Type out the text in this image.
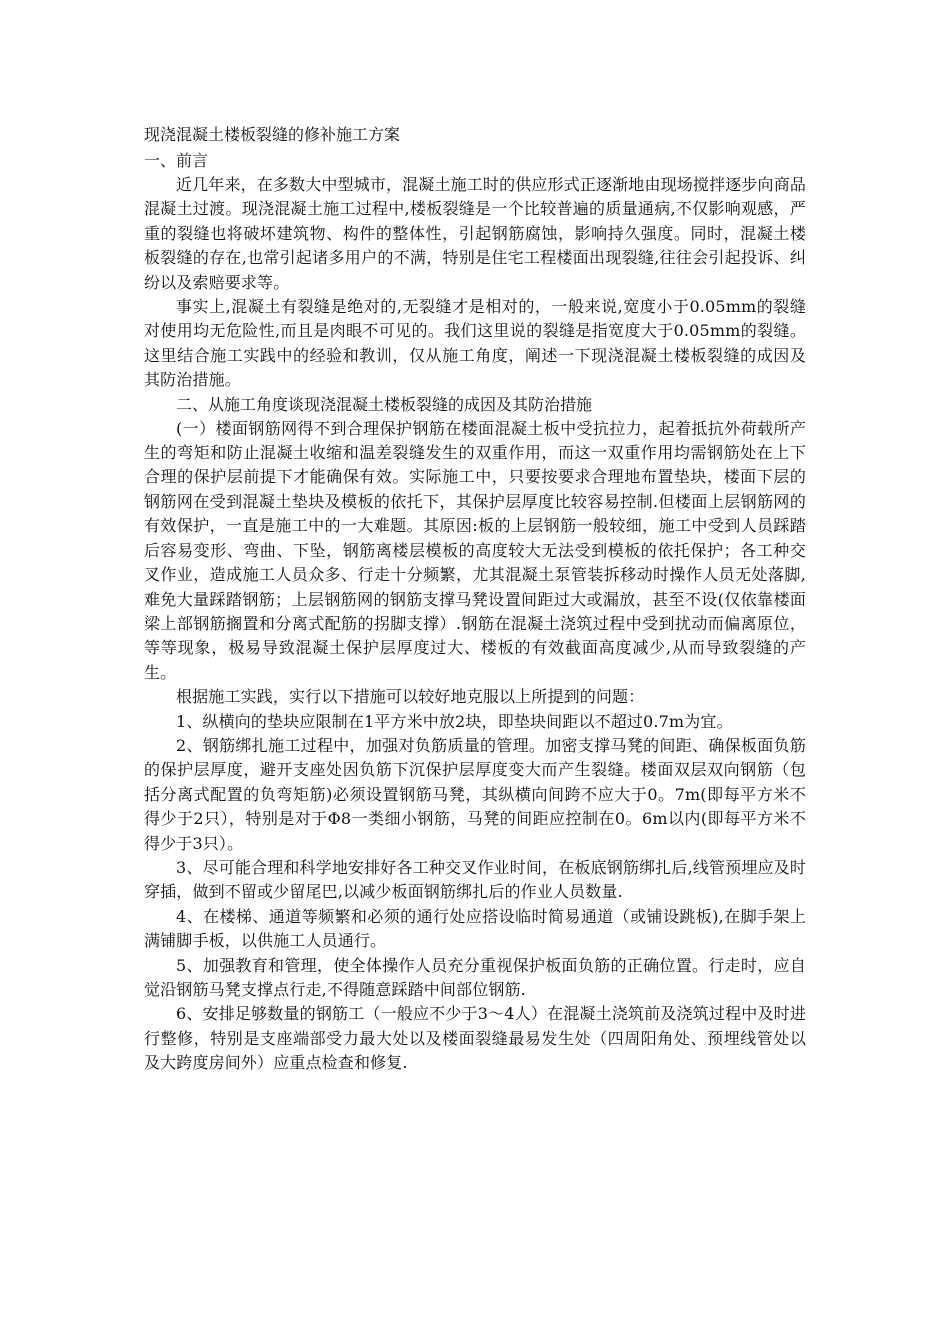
现浇混凝土楼板裂缝的修补施工方案

一、前言

近几年来，在多数大中型城市，混凝土施工时的供应形式正逐渐地由现场搅拌逐步向商品混凝土过渡。现浇混凝土施工过程中,楼板裂缝是一个比较普遍的质量通病,不仅影响观感，严重的裂缝也将破坏建筑物、构件的整体性，引起钢筋腐蚀，影响持久强度。同时，混凝土楼板裂缝的存在,也常引起诸多用户的不满，特别是住宅工程楼面出现裂缝,往往会引起投诉、纠纷以及索赔要求等。

事实上,混凝土有裂缝是绝对的,无裂缝才是相对的，一般来说,宽度小于0.05mm的裂缝对使用均无危险性,而且是肉眼不可见的。我们这里说的裂缝是指宽度大于0.05mm的裂缝。这里结合施工实践中的经验和教训，仅从施工角度，阐述一下现浇混凝土楼板裂缝的成因及其防治措施。

二、从施工角度谈现浇混凝土楼板裂缝的成因及其防治措施

(一）楼面钢筋网得不到合理保护钢筋在楼面混凝土板中受抗拉力，起着抵抗外荷载所产生的弯矩和防止混凝土收缩和温差裂缝发生的双重作用，而这一双重作用均需钢筋处在上下合理的保护层前提下才能确保有效。实际施工中，只要按要求合理地布置垫块，楼面下层的钢筋网在受到混凝土垫块及模板的依托下，其保护层厚度比较容易控制.但楼面上层钢筋网的有效保护，一直是施工中的一大难题。其原因:板的上层钢筋一般较细，施工中受到人员踩踏后容易变形、弯曲、下坠，钢筋离楼层模板的高度较大无法受到模板的依托保护；各工种交叉作业，造成施工人员众多、行走十分频繁，尤其混凝土泵管装拆移动时操作人员无处落脚,难免大量踩踏钢筋；上层钢筋网的钢筋支撑马凳设置间距过大或漏放，甚至不设(仅依靠楼面梁上部钢筋搁置和分离式配筋的拐脚支撑）.钢筋在混凝土浇筑过程中受到扰动而偏离原位，等等现象，极易导致混凝土保护层厚度过大、楼板的有效截面高度减少,从而导致裂缝的产生。

根据施工实践，实行以下措施可以较好地克服以上所提到的问题：

1、纵横向的垫块应限制在1平方米中放2块，即垫块间距以不超过0.7m为宜。

2、钢筋绑扎施工过程中，加强对负筋质量的管理。加密支撑马凳的间距、确保板面负筋的保护层厚度，避开支座处因负筋下沉保护层厚度变大而产生裂缝。楼面双层双向钢筋（包括分离式配置的负弯矩筋)必须设置钢筋马凳，其纵横向间跨不应大于0。7m(即每平方米不得少于2只），特别是对于Φ8一类细小钢筋，马凳的间距应控制在0。6m以内(即每平方米不得少于3只）。

3、尽可能合理和科学地安排好各工种交叉作业时间，在板底钢筋绑扎后,线管预埋应及时穿插，做到不留或少留尾巴,以减少板面钢筋绑扎后的作业人员数量.

4、在楼梯、通道等频繁和必须的通行处应搭设临时简易通道（或铺设跳板),在脚手架上满铺脚手板，以供施工人员通行。

5、加强教育和管理，使全体操作人员充分重视保护板面负筋的正确位置。行走时，应自觉沿钢筋马凳支撑点行走,不得随意踩踏中间部位钢筋.

6、安排足够数量的钢筋工（一般应不少于3～4人）在混凝土浇筑前及浇筑过程中及时进行整修，特别是支座端部受力最大处以及楼面裂缝最易发生处（四周阳角处、预埋线管处以及大跨度房间外）应重点检查和修复.
